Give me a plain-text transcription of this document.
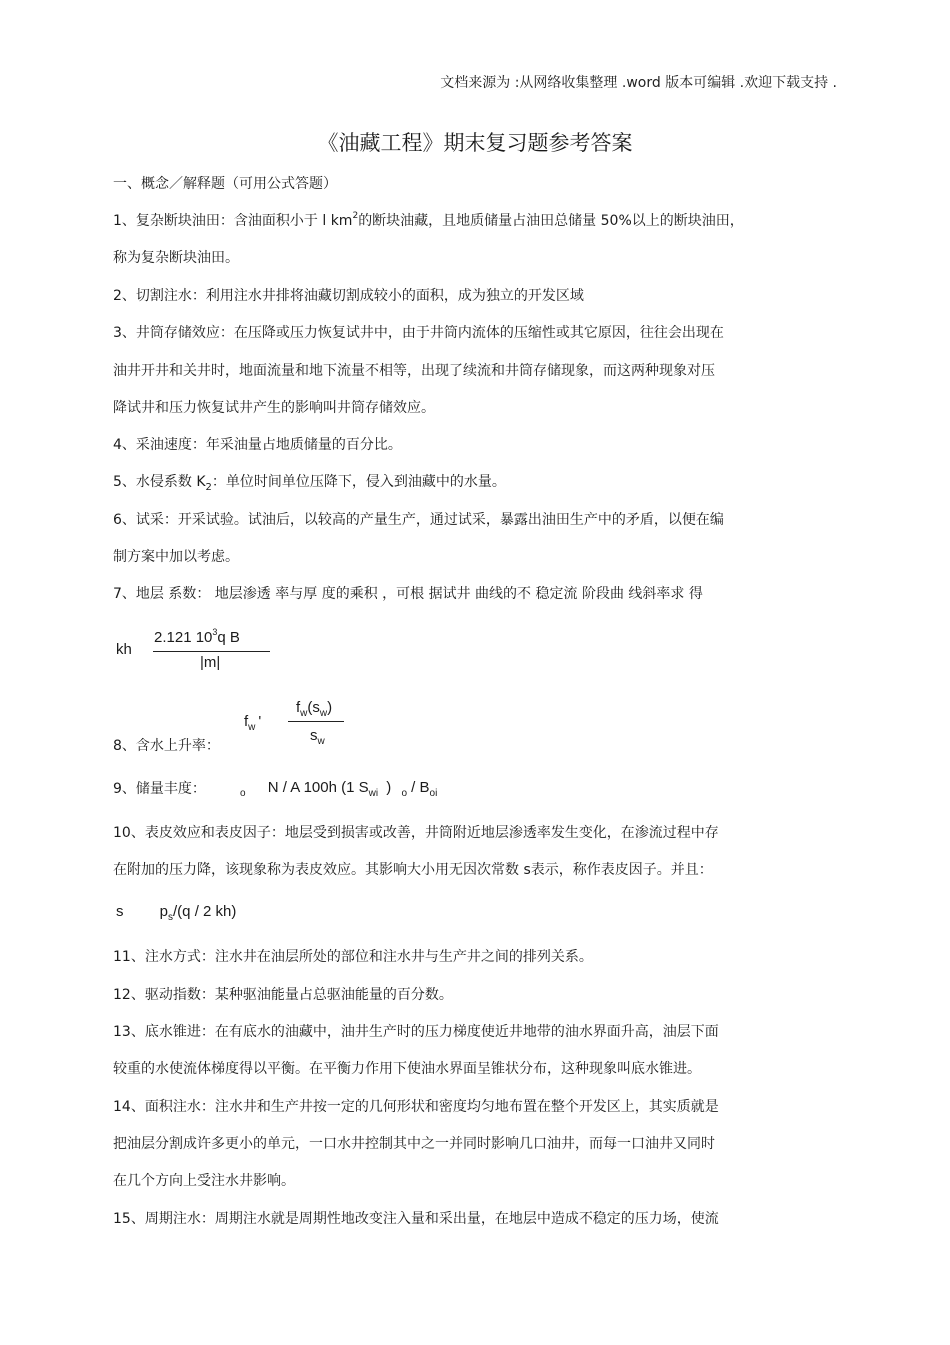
文档来源为 :从网络收集整理 .word 版本可编辑 .欢迎下载支持 .
《油藏工程》期末复习题参考答案
一、概念／解释题（可用公式答题）
1、复杂断块油田：含油面积小于 l $km^2$的断块油藏，且地质储量占油田总储量 50%以上的断块油田，
称为复杂断块油田。
2、切割注水：利用注水井排将油藏切割成较小的面积，成为独立的开发区域
3、井筒存储效应：在压降或压力恢复试井中，由于井筒内流体的压缩性或其它原因，往往会出现在
油井开井和关井时，地面流量和地下流量不相等，出现了续流和井筒存储现象，而这两种现象对压
降试井和压力恢复试井产生的影响叫井筒存储效应。
4、采油速度：年采油量占地质储量的百分比。
5、水侵系数 $K_2$：单位时间单位压降下，侵入到油藏中的水量。
6、试采：开采试验。试油后，以较高的产量生产，通过试采，暴露出油田生产中的矛盾，以便在编
制方案中加以考虑。
7、地层 系数： 地层渗透 率与厚 度的乘积 ，可根 据试井 曲线的不 稳定流 阶段曲 线斜率求 得
kh
2.121 $10^3q$ B
|m|
$f_w$ '
$f_w(s_w)$
$s_w$
8、含水上升率：
9、储量丰度：	$_o$ N / A 100h (1 $S_{wi}$ ) $_o / B_{oi}$
10、表皮效应和表皮因子：地层受到损害或改善，井筒附近地层渗透率发生变化，在渗流过程中存
在附加的压力降，该现象称为表皮效应。其影响大小用无因次常数 s表示，称作表皮因子。并且：
s $p_s/(q / 2$ kh)
11、注水方式：注水井在油层所处的部位和注水井与生产井之间的排列关系。
12、驱动指数：某种驱油能量占总驱油能量的百分数。
13、底水锥进：在有底水的油藏中，油井生产时的压力梯度使近井地带的油水界面升高，油层下面
较重的水使流体梯度得以平衡。在平衡力作用下使油水界面呈锥状分布，这种现象叫底水锥进。
14、面积注水：注水井和生产井按一定的几何形状和密度均匀地布置在整个开发区上，其实质就是
把油层分割成许多更小的单元，一口水井控制其中之一并同时影响几口油井，而每一口油井又同时
在几个方向上受注水井影响。
15、周期注水：周期注水就是周期性地改变注入量和采出量，在地层中造成不稳定的压力场，使流
